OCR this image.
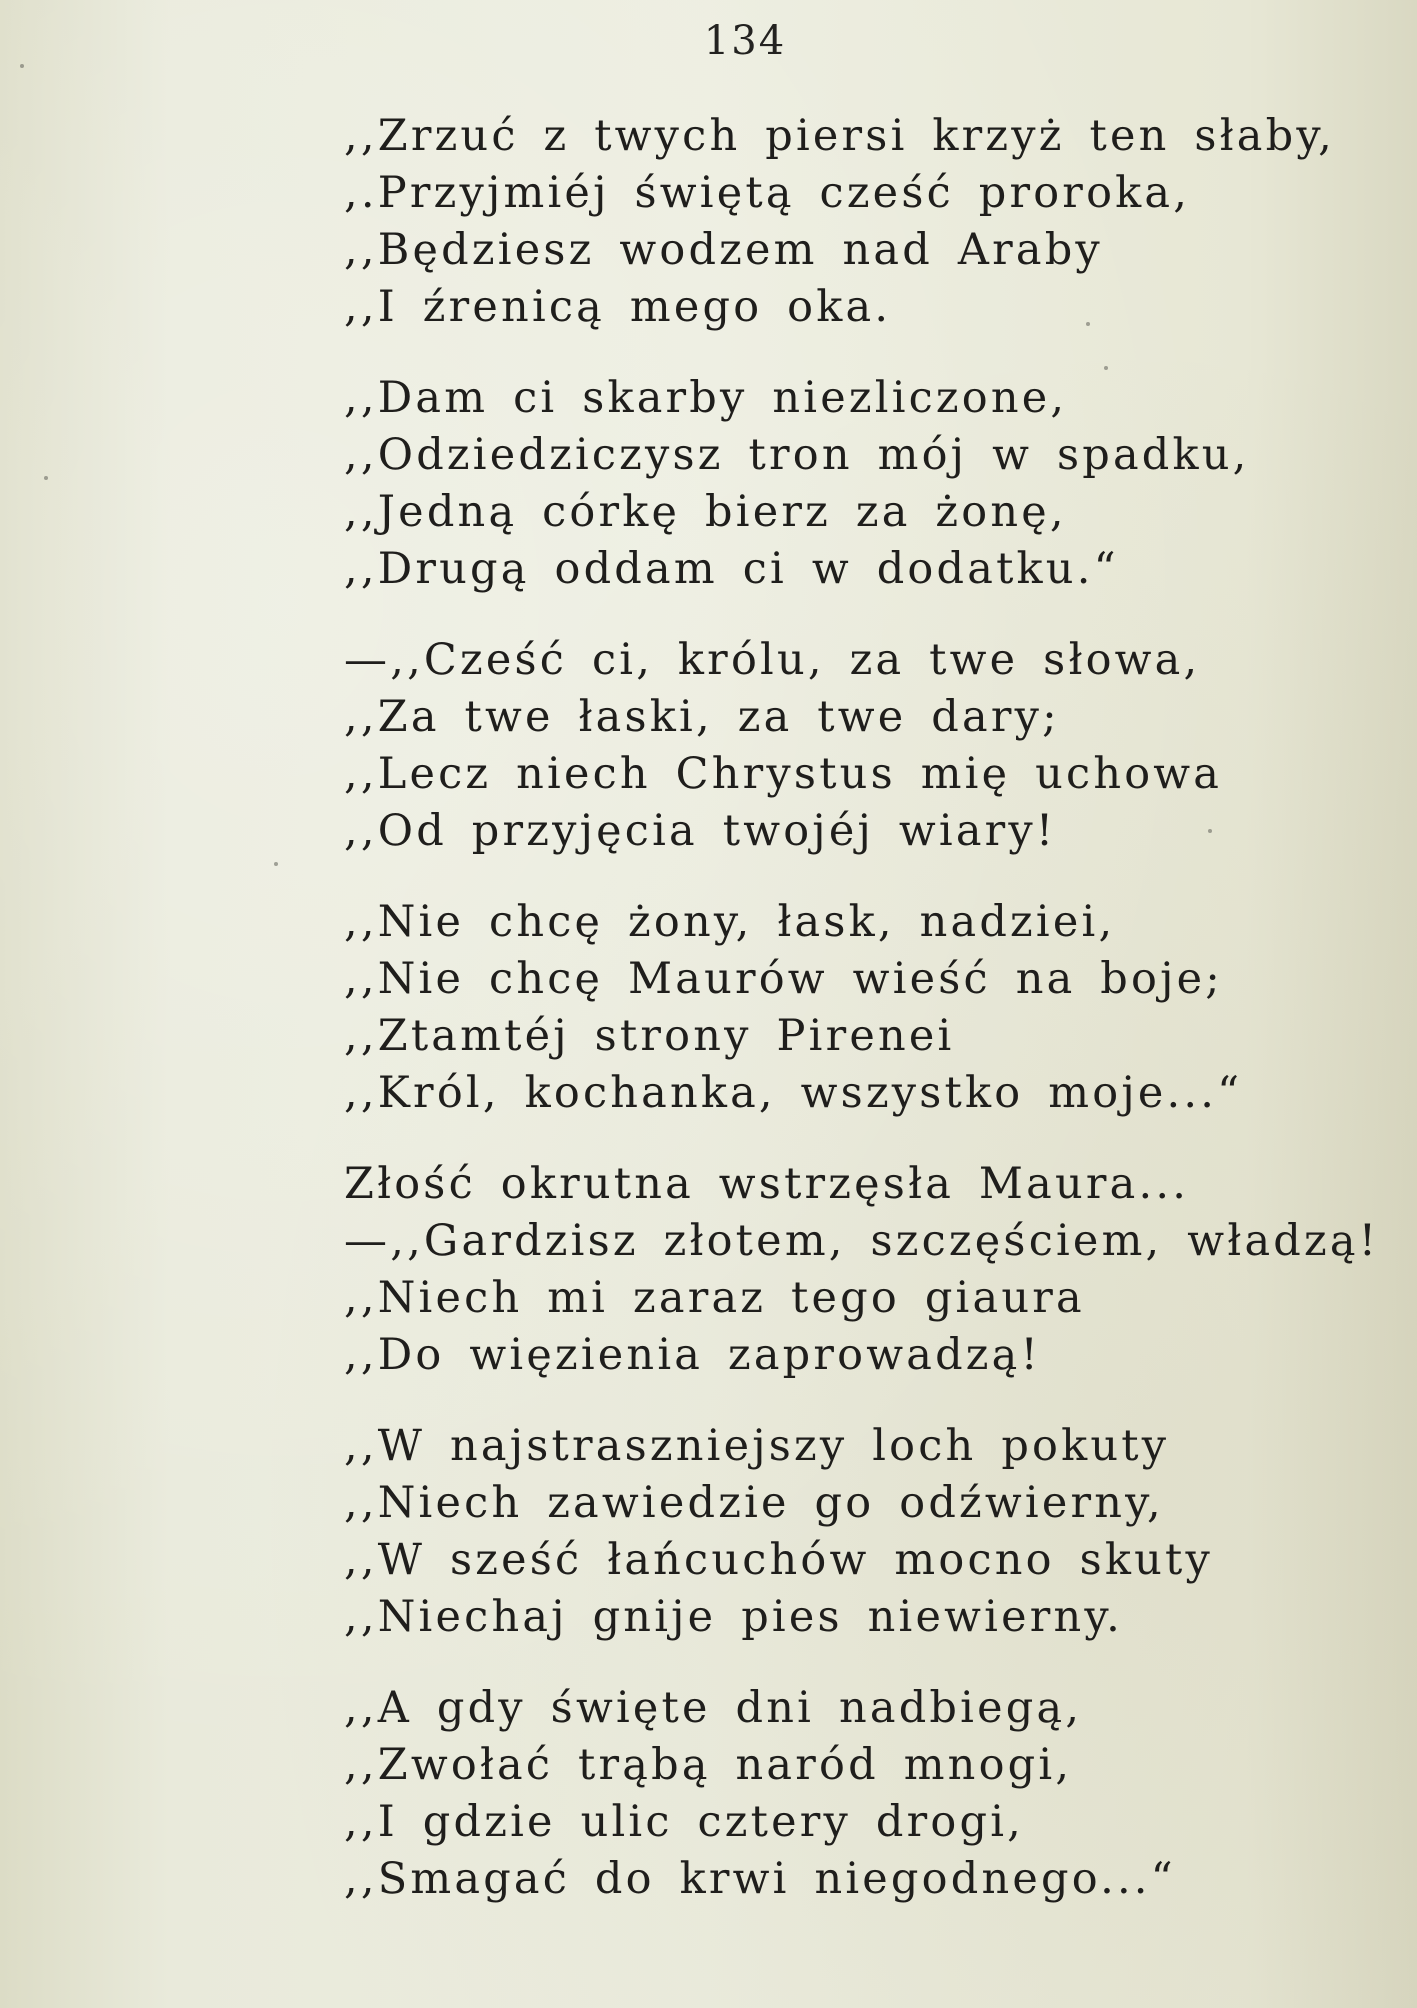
134
,,Zrzuć z twych piersi krzyż ten słaby,
,.Przyjmiéj świętą cześć proroka,
,,Będziesz wodzem nad Araby
,,I źrenicą mego oka.
,,Dam ci skarby niezliczone,
,,Odziedziczysz tron mój w spadku,
,,Jedną córkę bierz za żonę,
,,Drugą oddam ci w dodatku.“
—,,Cześć ci, królu, za twe słowa,
,,Za twe łaski, za twe dary;
,,Lecz niech Chrystus mię uchowa
,,Od przyjęcia twojéj wiary!
,,Nie chcę żony, łask, nadziei,
,,Nie chcę Maurów wieść na boje;
,,Ztamtéj strony Pirenei
,,Król, kochanka, wszystko moje...“
Złość okrutna wstrzęsła Maura...
—,,Gardzisz złotem, szczęściem, władzą!
,,Niech mi zaraz tego giaura
,,Do więzienia zaprowadzą!
,,W najstraszniejszy loch pokuty
,,Niech zawiedzie go odźwierny,
,,W sześć łańcuchów mocno skuty
,,Niechaj gnije pies niewierny.
,,A gdy święte dni nadbiegą,
,,Zwołać trąbą naród mnogi,
,,I gdzie ulic cztery drogi,
,,Smagać do krwi niegodnego...“
